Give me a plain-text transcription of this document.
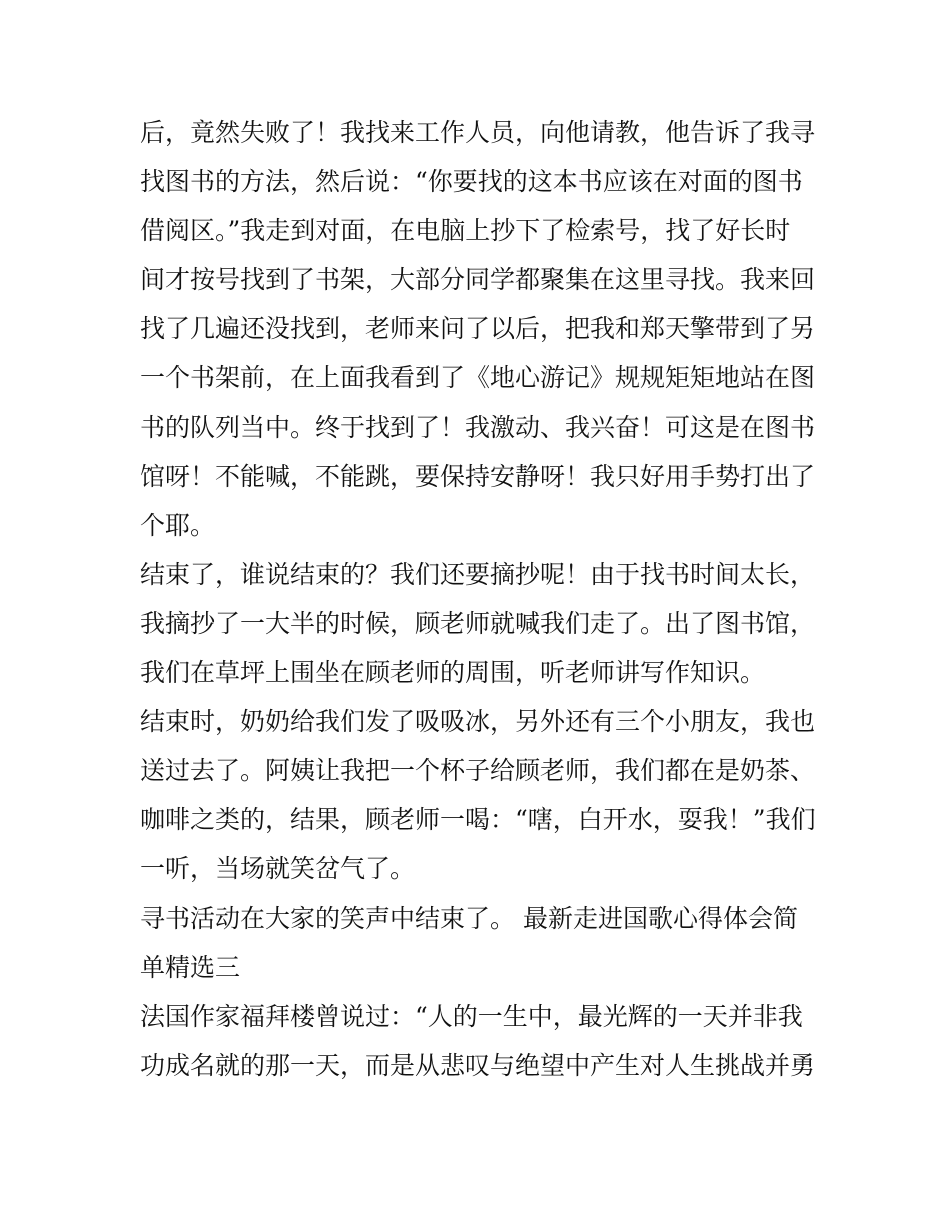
后，竟然失败了！我找来工作人员，向他请教，他告诉了我寻
找图书的方法，然后说：“你要找的这本书应该在对面的图书
借阅区。”我走到对面，在电脑上抄下了检索号，找了好长时
间才按号找到了书架，大部分同学都聚集在这里寻找。我来回
找了几遍还没找到，老师来问了以后，把我和郑天擎带到了另
一个书架前，在上面我看到了《地心游记》规规矩矩地站在图
书的队列当中。终于找到了！我激动、我兴奋！可这是在图书
馆呀！不能喊，不能跳，要保持安静呀！我只好用手势打出了
个耶。
结束了，谁说结束的？我们还要摘抄呢！由于找书时间太长，
我摘抄了一大半的时候，顾老师就喊我们走了。出了图书馆，
我们在草坪上围坐在顾老师的周围，听老师讲写作知识。
结束时，奶奶给我们发了吸吸冰，另外还有三个小朋友，我也
送过去了。阿姨让我把一个杯子给顾老师，我们都在是奶茶、
咖啡之类的，结果，顾老师一喝：“嗐，白开水，耍我！”我们
一听，当场就笑岔气了。
寻书活动在大家的笑声中结束了。 最新走进国歌心得体会简
单精选三
法国作家福拜楼曾说过：“人的一生中，最光辉的一天并非我
功成名就的那一天，而是从悲叹与绝望中产生对人生挑战并勇
